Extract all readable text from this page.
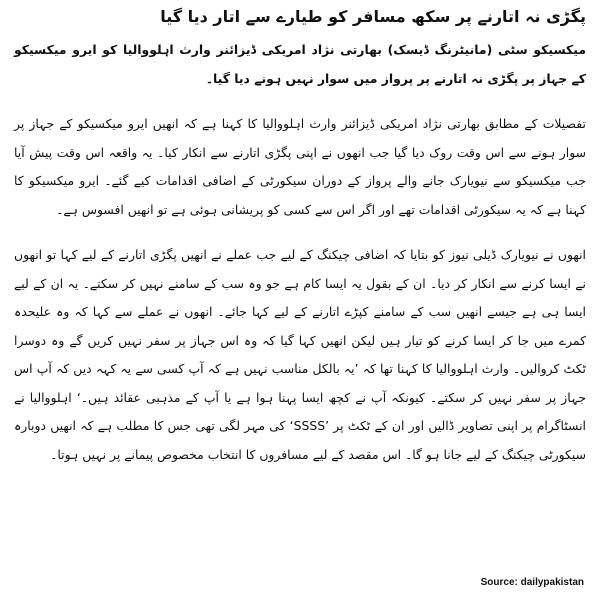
پگڑی نہ اتارنے پر سکھ مسافر کو طیارے سے اتار دیا گیا

میکسیکو سٹی (مانیٹرنگ ڈیسک) بھارتی نژاد امریکی ڈیزائنر وارث اہلووالیا کو ایرو میکسیکو کے جہاز پر پگڑی نہ اتارنے پر پرواز میں سوار نہیں ہونے دیا گیا۔

تفصیلات کے مطابق بھارتی نژاد امریکی ڈیزائنر وارث اہلووالیا کا کہنا ہے کہ انھیں ایرو میکسیکو کے جہاز پر سوار ہونے سے اس وقت روک دیا گیا جب انھوں نے اپنی پگڑی اتارنے سے انکار کیا۔ یہ واقعہ اس وقت پیش آیا جب میکسیکو سے نیویارک جانے والے پرواز کے دوران سیکورٹی کے اضافی اقدامات کیے گئے۔ ایرو میکسیکو کا کہنا ہے کہ یہ سیکورٹی اقدامات تھے اور اگر اس سے کسی کو پریشانی ہوئی ہے تو انھیں افسوس ہے۔

انھوں نے نیویارک ڈیلی نیوز کو بتایا کہ اضافی چیکنگ کے لیے جب عملے نے انھیں پگڑی اتارنے کے لیے کہا تو انھوں نے ایسا کرنے سے انکار کر دیا۔ ان کے بقول یہ ایسا کام ہے جو وہ سب کے سامنے نہیں کر سکتے۔ یہ ان کے لیے ایسا ہی ہے جیسے انھیں سب کے سامنے کپڑے اتارنے کے لیے کہا جائے۔ انھوں نے عملے سے کہا کہ وہ علیحدہ کمرے میں جا کر ایسا کرنے کو تیار ہیں لیکن انھیں کہا گیا کہ وہ اس جہاز پر سفر نہیں کریں گے وہ دوسرا ٹکٹ کروالیں۔ وارث اہلووالیا کا کہنا تھا کہ ’یہ بالکل مناسب نہیں ہے کہ آپ کسی سے یہ کہہ دیں کہ آپ اس جہاز پر سفر نہیں کر سکتے۔ کیونکہ آپ نے کچھ ایسا پہنا ہوا ہے یا آپ کے مذہبی عقائد ہیں۔‘ اہلووالیا نے انسٹاگرام پر اپنی تصاویر ڈالیں اور ان کے ٹکٹ پر ’SSSS‘ کی مہر لگی تھی جس کا مطلب ہے کہ انھیں دوبارہ سیکورٹی چیکنگ کے لیے جانا ہو گا۔ اس مقصد کے لیے مسافروں کا انتخاب مخصوص پیمانے پر نہیں ہوتا۔

Source: dailypakistan
